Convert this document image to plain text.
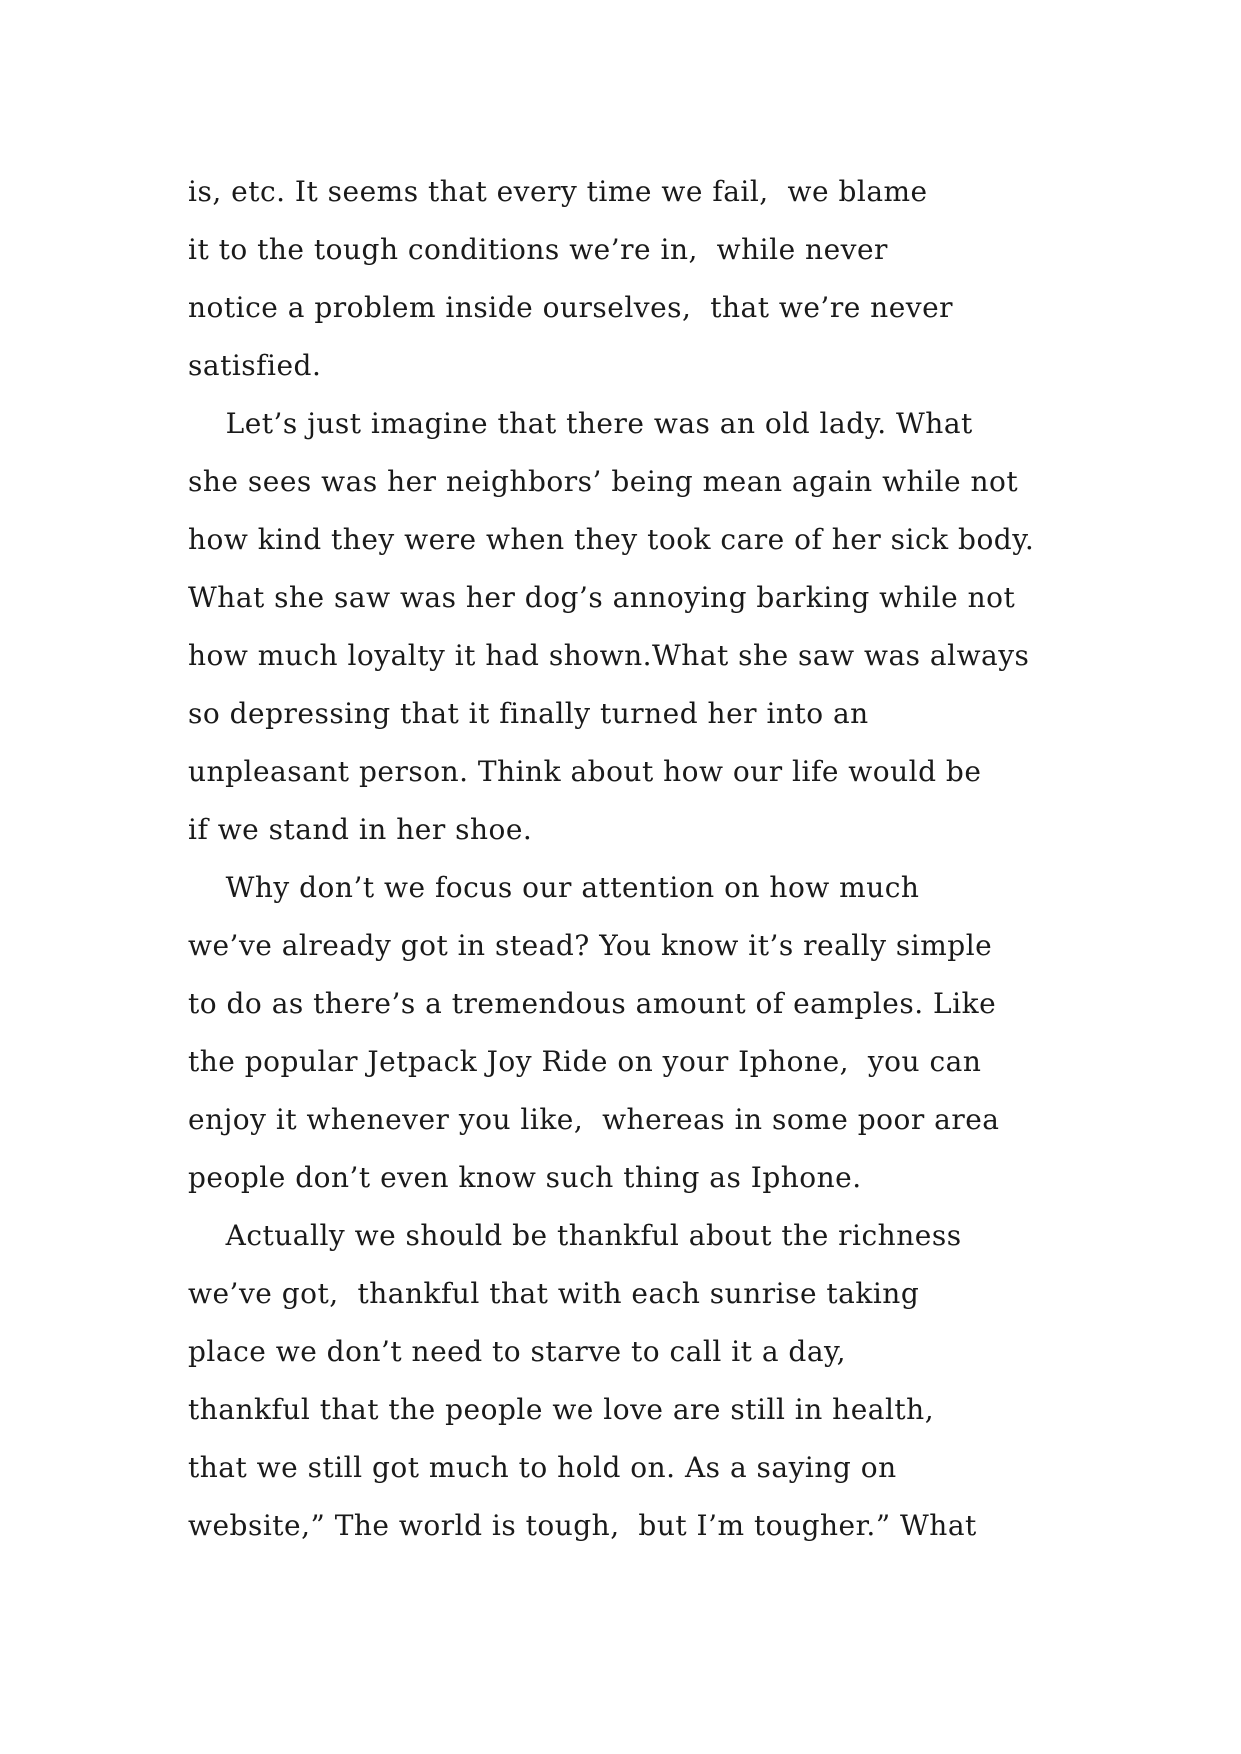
is, etc. It seems that every time we fail,  we blame
it to the tough conditions we’re in,  while never
notice a problem inside ourselves,  that we’re never
satisfied.
Let’s just imagine that there was an old lady. What
she sees was her neighbors’ being mean again while not
how kind they were when they took care of her sick body.
What she saw was her dog’s annoying barking while not
how much loyalty it had shown.What she saw was always
so depressing that it finally turned her into an
unpleasant person. Think about how our life would be
if we stand in her shoe.
Why don’t we focus our attention on how much
we’ve already got in stead? You know it’s really simple
to do as there’s a tremendous amount of eamples. Like
the popular Jetpack Joy Ride on your Iphone,  you can
enjoy it whenever you like,  whereas in some poor area
people don’t even know such thing as Iphone.
Actually we should be thankful about the richness
we’ve got,  thankful that with each sunrise taking
place we don’t need to starve to call it a day,
thankful that the people we love are still in health,
that we still got much to hold on. As a saying on
website,” The world is tough,  but I’m tougher.” What
